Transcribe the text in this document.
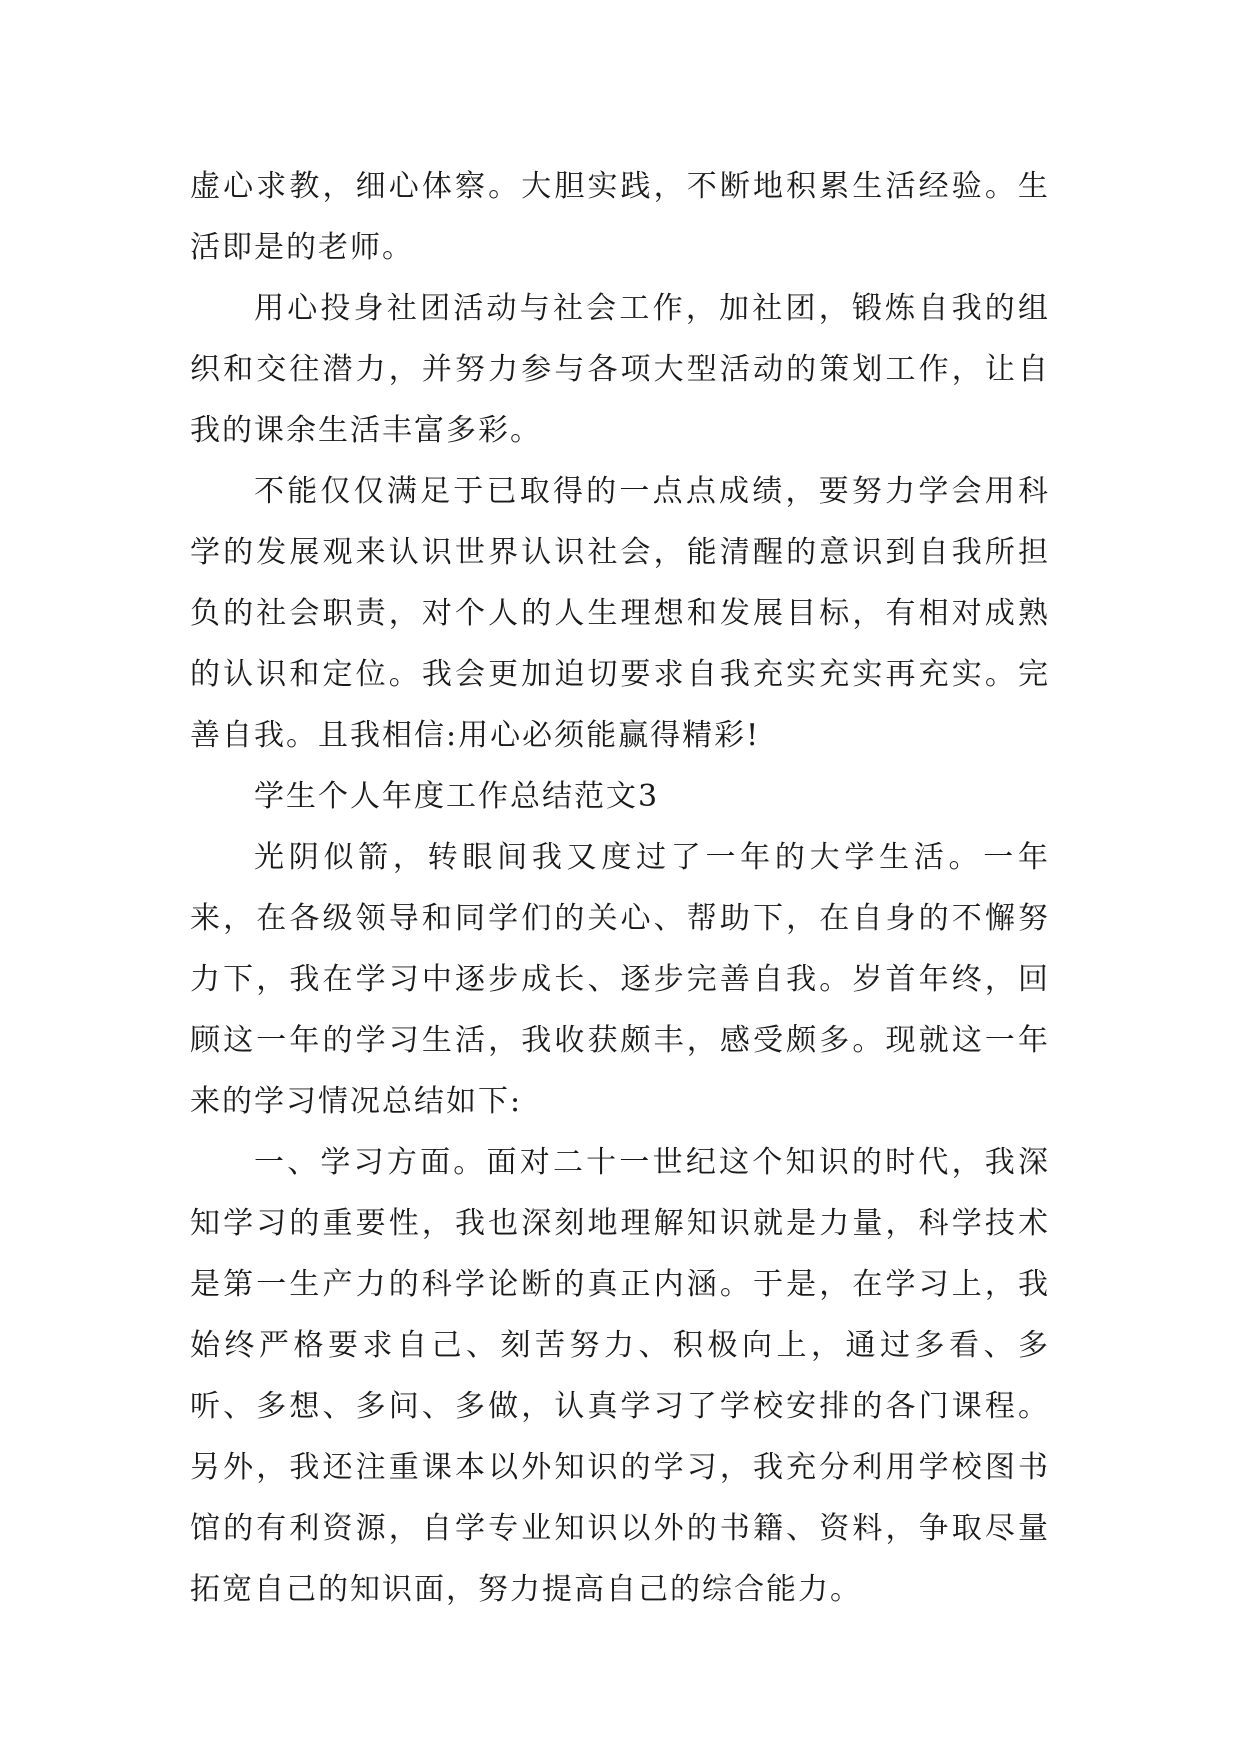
虚心求教，细心体察。大胆实践，不断地积累生活经验。生活即是的老师。

用心投身社团活动与社会工作，加社团，锻炼自我的组织和交往潜力，并努力参与各项大型活动的策划工作，让自我的课余生活丰富多彩。

不能仅仅满足于已取得的一点点成绩，要努力学会用科学的发展观来认识世界认识社会，能清醒的意识到自我所担负的社会职责，对个人的人生理想和发展目标，有相对成熟的认识和定位。我会更加迫切要求自我充实充实再充实。完善自我。且我相信:用心必须能赢得精彩!

学生个人年度工作总结范文3

光阴似箭，转眼间我又度过了一年的大学生活。一年来，在各级领导和同学们的关心、帮助下，在自身的不懈努力下，我在学习中逐步成长、逐步完善自我。岁首年终，回顾这一年的学习生活，我收获颇丰，感受颇多。现就这一年来的学习情况总结如下:

一、学习方面。面对二十一世纪这个知识的时代，我深知学习的重要性，我也深刻地理解知识就是力量，科学技术是第一生产力的科学论断的真正内涵。于是，在学习上，我始终严格要求自己、刻苦努力、积极向上，通过多看、多听、多想、多问、多做，认真学习了学校安排的各门课程。另外，我还注重课本以外知识的学习，我充分利用学校图书馆的有利资源，自学专业知识以外的书籍、资料，争取尽量拓宽自己的知识面，努力提高自己的综合能力。
